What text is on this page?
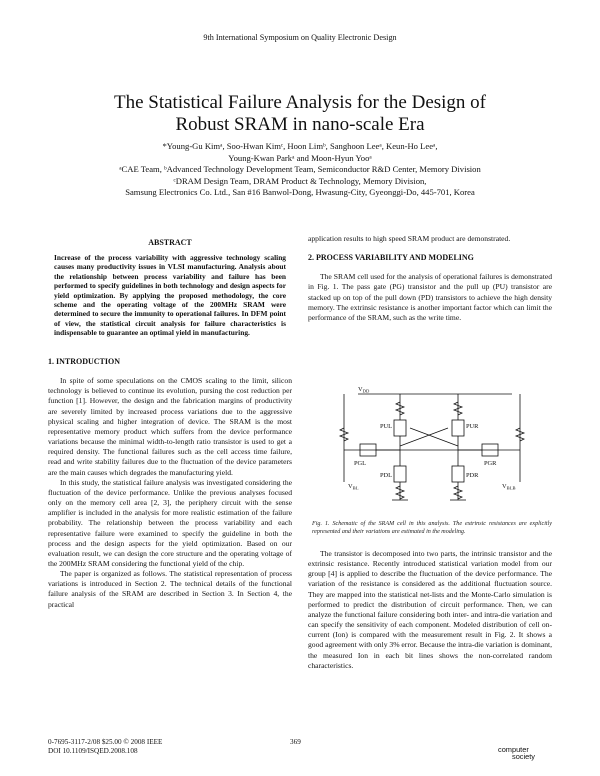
9th International Symposium on Quality Electronic Design
The Statistical Failure Analysis for the Design of
Robust SRAM in nano-scale Era
*Young-Gu Kimᵃ, Soo-Hwan Kimᶜ, Hoon Limᵇ, Sanghoon Leeᵃ, Keun-Ho Leeᵃ,
Young-Kwan Parkᵃ and Moon-Hyun Yooᵃ
ᵃCAE Team, ᵇAdvanced Technology Development Team, Semiconductor R&D Center, Memory Division
ᶜDRAM Design Team, DRAM Product & Technology, Memory Division,
Samsung Electronics Co. Ltd., San #16 Banwol-Dong, Hwasung-City, Gyeonggi-Do, 445-701, Korea
ABSTRACT
Increase of the process variability with aggressive technology scaling causes many productivity issues in VLSI manufacturing. Analysis about the relationship between process variability and failure has been performed to specify guidelines in both technology and design aspects for yield optimization. By applying the proposed methodology, the core scheme and the operating voltage of the 200MHz SRAM were determined to secure the immunity to operational failures. In DFM point of view, the statistical circuit analysis for failure characteristics is indispensable to guarantee an optimal yield in manufacturing.
1. INTRODUCTION

In spite of some speculations on the CMOS scaling to the limit, silicon technology is believed to continue its evolution, pursing the cost reduction per function [1]. However, the design and the fabrication margins of productivity are severely limited by increased process variations due to the aggressive physical scaling and higher integration of device. The SRAM is the most representative memory product which suffers from the device performance variations because the minimal width-to-length ratio transistor is used to get a required density. The functional failures such as the cell access time failure, read and write stability failures due to the fluctuation of the device parameters are the main causes which degrades the manufacturing yield.

In this study, the statistical failure analysis was investigated considering the fluctuation of the device performance. Unlike the previous analyses focused only on the memory cell area [2, 3], the periphery circuit with the sense amplifier is included in the analysis for more realistic estimation of the failure probability. The relationship between the process variability and each representative failure were examined to specify the guideline in both the process and the design aspects for the yield optimization. Based on our evaluation result, we can design the core structure and the operating voltage of the 200MHz SRAM considering the functional yield of the chip.

The paper is organized as follows. The statistical representation of process variations is introduced in Section 2. The technical details of the functional failure analysis of the SRAM are described in Section 3. In Section 4, the practical

application results to high speed SRAM product are demonstrated.

2. PROCESS VARIABILITY AND MODELING

The SRAM cell used for the analysis of operational failures is demonstrated in Fig. 1. The pass gate (PG) transistor and the pull up (PU) transistor are stacked up on top of the pull down (PD) transistors to achieve the high density memory. The extrinsic resistance is another important factor which can limit the performance of the SRAM, such as the write time.

$V_{DD}$
PUL	PUR
PGL	PGR
PDL	PDR
$V_{BL}$	$V_{BLB}$
Fig. 1. Schematic of the SRAM cell in this analysis. The extrinsic resistances are explicitly represented and their variations are estimated in the modeling.

The transistor is decomposed into two parts, the intrinsic transistor and the extrinsic resistance. Recently introduced statistical variation model from our group [4] is applied to describe the fluctuation of the device performance. The variation of the resistance is considered as the additional fluctuation source. They are mapped into the statistical net-lists and the Monte-Carlo simulation is performed to predict the distribution of circuit performance. Then, we can analyze the functional failure considering both inter- and intra-die variation and can specify the sensitivity of each component. Modeled distribution of cell on-current (Ion) is compared with the measurement result in Fig. 2. It shows a good agreement with only 3% error. Because the intra-die variation is dominant, the measured Ion in each bit lines shows the non-correlated random characteristics.

0-7695-3117-2/08 $25.00 © 2008 IEEE
DOI 10.1109/ISQED.2008.108
369
computer
society
